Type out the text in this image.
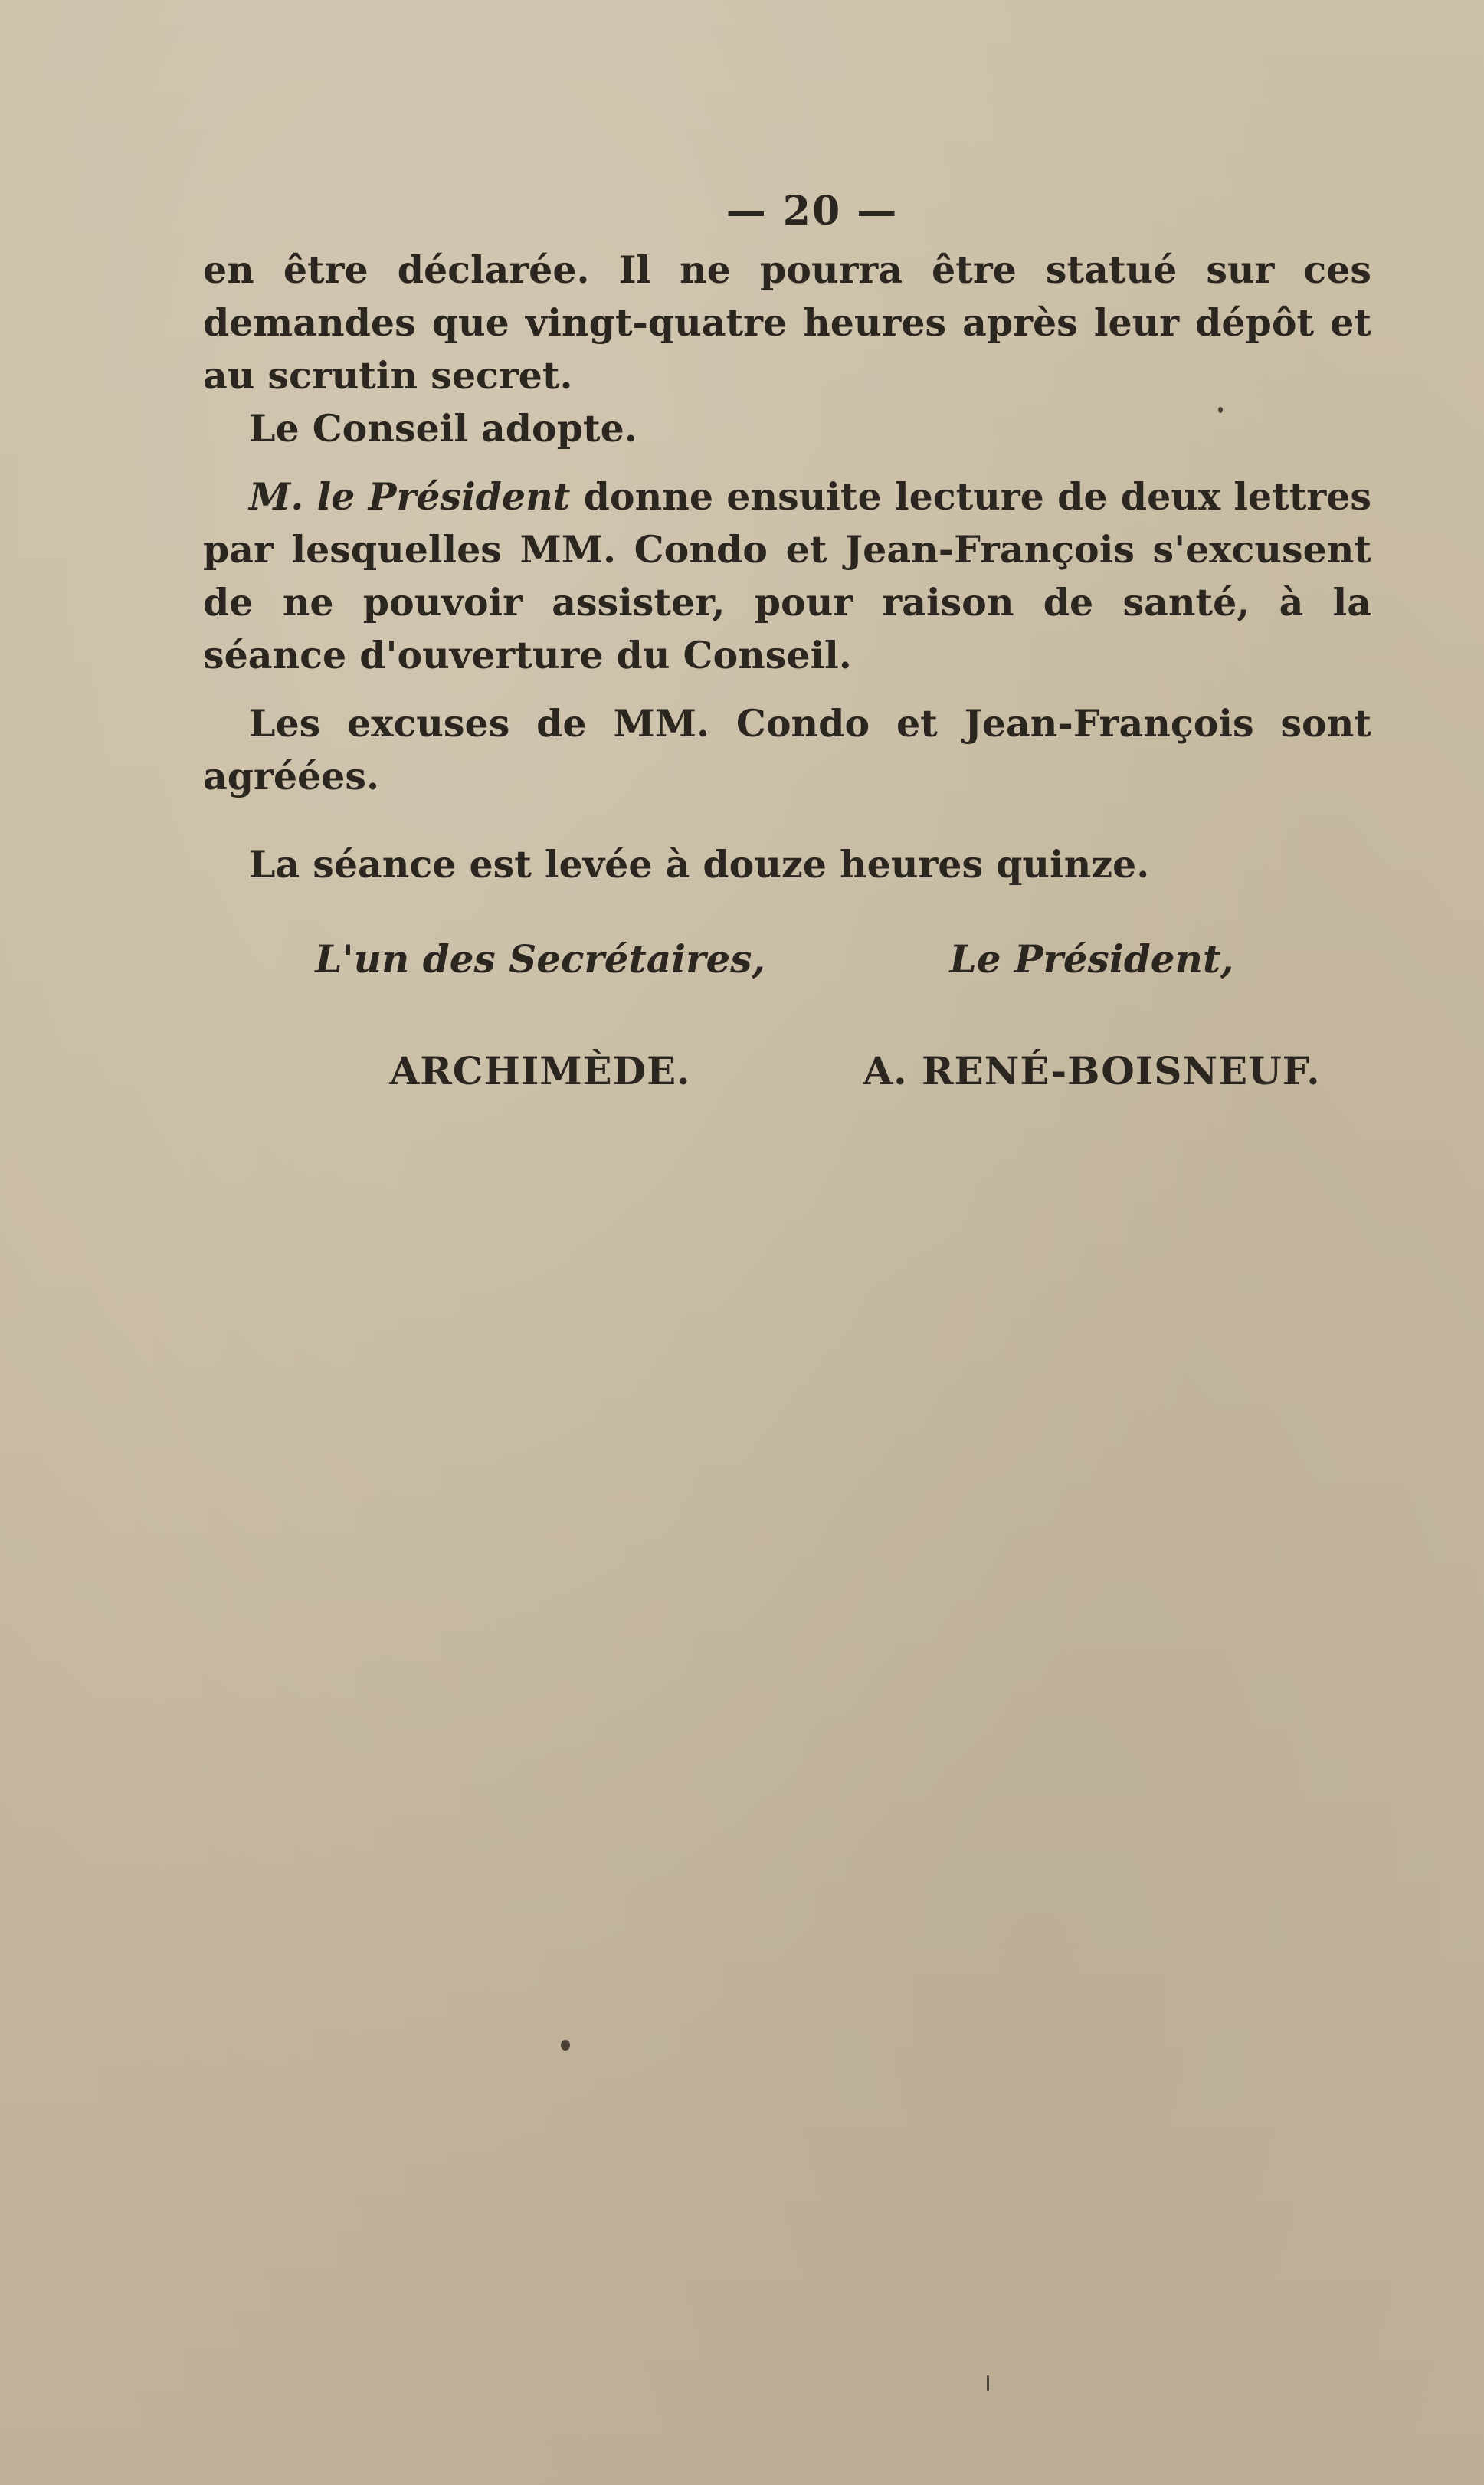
— 20 —

en être déclarée. Il ne pourra être statué sur ces demandes que vingt-quatre heures après leur dépôt et au scrutin secret.

Le Conseil adopte.

M. le Président donne ensuite lecture de deux lettres par lesquelles MM. Condo et Jean-François s'excusent de ne pouvoir assister, pour raison de santé, à la séance d'ouverture du Conseil.

Les excuses de MM. Condo et Jean-François sont agréées.

La séance est levée à douze heures quinze.

L'un des Secrétaires,	Le Président,
ARCHIMÈDE.	A. RENÉ-BOISNEUF.
